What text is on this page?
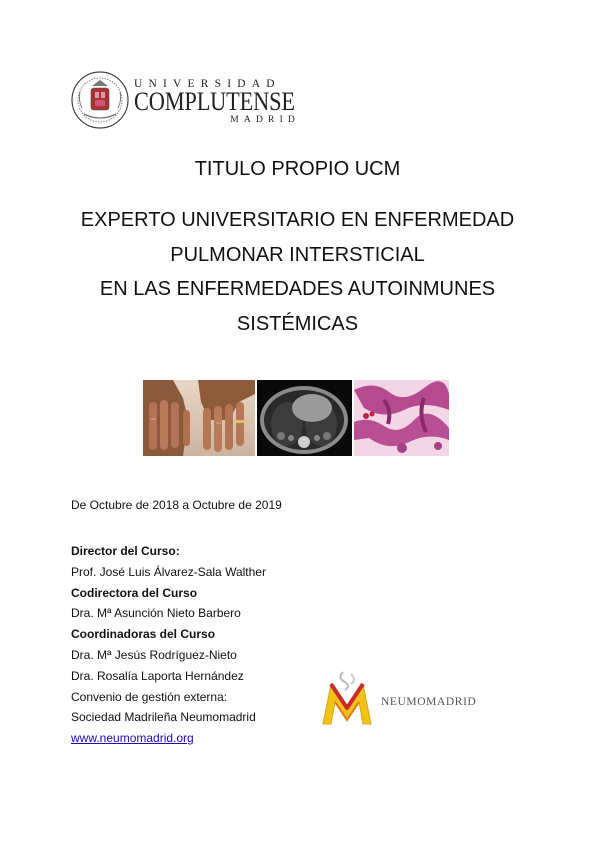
UNIVERSIDAD
COMPLUTENSE
MADRID
TITULO PROPIO UCM
EXPERTO UNIVERSITARIO EN ENFERMEDAD
PULMONAR INTERSTICIAL
EN LAS ENFERMEDADES AUTOINMUNES
SISTÉMICAS
De Octubre de 2018 a Octubre de 2019
Director del Curso:
Prof. José Luis Álvarez-Sala Walther
Codirectora del Curso
Dra. Mª Asunción Nieto Barbero
Coordinadoras del Curso
Dra. Mª Jesús Rodríguez-Nieto
Dra. Rosalía Laporta Hernández
Convenio de gestión externa:
Sociedad Madrileña Neumomadrid
www.neumomadrid.org
NEUMOMADRID
